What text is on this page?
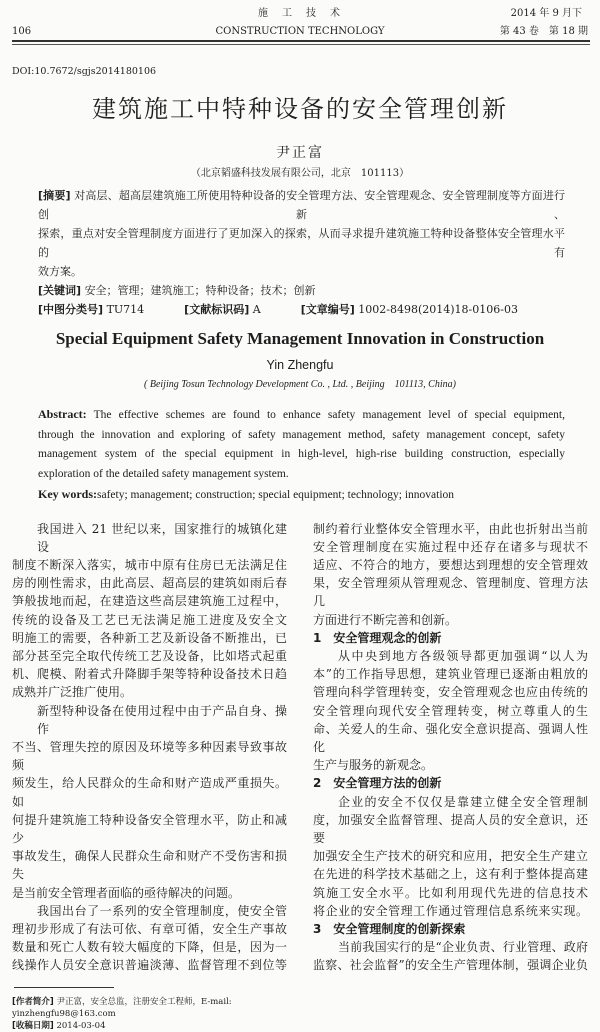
施　工　技　术
CONSTRUCTION TECHNOLOGY
106
2014 年 9 月下
第 43 卷　第 18 期
DOI:10.7672/sgjs2014180106
建筑施工中特种设备的安全管理创新
尹正富
（北京韬盛科技发展有限公司，北京　101113）
[摘要] 对高层、超高层建筑施工所使用特种设备的安全管理方法、安全管理观念、安全管理制度等方面进行创新、
探索，重点对安全管理制度方面进行了更加深入的探索，从而寻求提升建筑施工特种设备整体安全管理水平的有
效方案。
[关键词] 安全；管理；建筑施工；特种设备；技术；创新
[中图分类号] TU714	[文献标识码] A	[文章编号] 1002-8498(2014)18-0106-03
Special Equipment Safety Management Innovation in Construction
Yin Zhengfu
( Beijing Tosun Technology Development Co. , Ltd. , Beijing　101113, China)
Abstract: The effective schemes are found to enhance safety management level of special equipment,
through the innovation and exploring of safety management method, safety management concept, safety
management system of the special equipment in high-level, high-rise building construction, especially
exploration of the detailed safety management system.
Key words:safety; management; construction; special equipment; technology; innovation
我国进入 21 世纪以来，国家推行的城镇化建设
制度不断深入落实，城市中原有住房已无法满足住
房的刚性需求，由此高层、超高层的建筑如雨后春
笋般拔地而起，在建造这些高层建筑施工过程中，
传统的设备及工艺已无法满足施工进度及安全文
明施工的需要，各种新工艺及新设备不断推出，已
部分甚至完全取代传统工艺及设备，比如塔式起重
机、爬模、附着式升降脚手架等特种设备技术日趋
成熟并广泛推广使用。
新型特种设备在使用过程中由于产品自身、操作
不当、管理失控的原因及环境等多种因素导致事故频
频发生，给人民群众的生命和财产造成严重损失。如
何提升建筑施工特种设备安全管理水平，防止和减少
事故发生，确保人民群众生命和财产不受伤害和损失
是当前安全管理者面临的亟待解决的问题。
我国出台了一系列的安全管理制度，使安全管
理初步形成了有法可依、有章可循，安全生产事故
数量和死亡人数有较大幅度的下降，但是，因为一
线操作人员安全意识普遍淡薄、监督管理不到位等
[作者简介] 尹正富，安全总监，注册安全工程师，E-mail:
yinzhengfu98@163.com
[收稿日期] 2014-03-04
制约着行业整体安全管理水平，由此也折射出当前
安全管理制度在实施过程中还存在诸多与现状不
适应、不符合的地方，要想达到理想的安全管理效
果，安全管理须从管理观念、管理制度、管理方法几
方面进行不断完善和创新。
1　安全管理观念的创新
从中央到地方各级领导都更加强调“以人为
本”的工作指导思想，建筑业管理已逐渐由粗放的
管理向科学管理转变，安全管理观念也应由传统的
安全管理向现代安全管理转变，树立尊重人的生
命、关爱人的生命、强化安全意识提高、强调人性化
生产与服务的新观念。
2　安全管理方法的创新
企业的安全不仅仅是靠建立健全安全管理制
度，加强安全监督管理、提高人员的安全意识，还要
加强安全生产技术的研究和应用，把安全生产建立
在先进的科学技术基础之上，这有利于整体提高建
筑施工安全水平。比如利用现代先进的信息技术
将企业的安全管理工作通过管理信息系统来实现。
3　安全管理制度的创新探索
当前我国实行的是“企业负责、行业管理、政府
监察、社会监督”的安全生产管理体制，强调企业负
